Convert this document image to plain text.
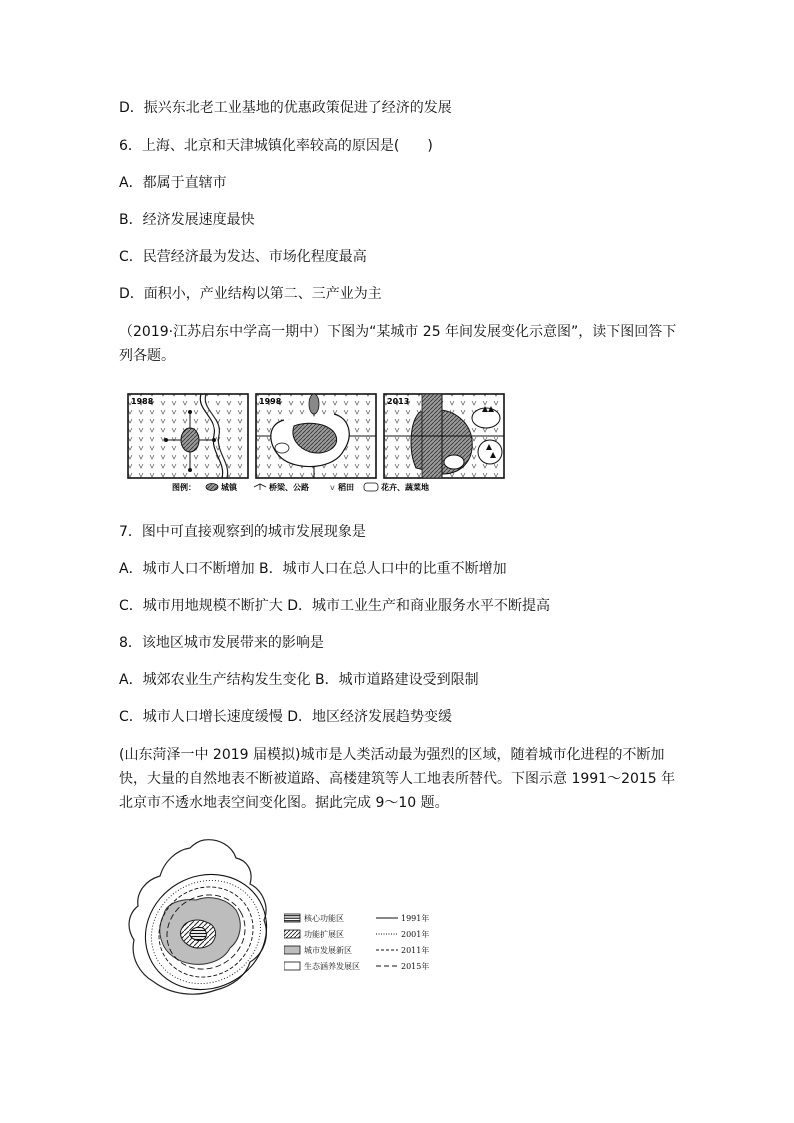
D．振兴东北老工业基地的优惠政策促进了经济的发展
6．上海、北京和天津城镇化率较高的原因是(　　)
A．都属于直辖市
B．经济发展速度最快
C．民营经济最为发达、市场化程度最高
D．面积小，产业结构以第二、三产业为主
（2019·江苏启东中学高一期中）下图为“某城市 25 年间发展变化示意图”，读下图回答下列各题。
1988	1998	2013
图例：	城镇	桥梁、公路	v 稻田	花卉、蔬菜地
7．图中可直接观察到的城市发展现象是
A．城市人口不断增加 B．城市人口在总人口中的比重不断增加
C．城市用地规模不断扩大 D．城市工业生产和商业服务水平不断提高
8．该地区城市发展带来的影响是
A．城郊农业生产结构发生变化 B．城市道路建设受到限制
C．城市人口增长速度缓慢 D．地区经济发展趋势变缓
(山东菏泽一中 2019 届模拟)城市是人类活动最为强烈的区域，随着城市化进程的不断加快，大量的自然地表不断被道路、高楼建筑等人工地表所替代。下图示意 1991～2015 年北京市不透水地表空间变化图。据此完成 9～10 题。
核心功能区
功能扩展区
城市发展新区
生态涵养发展区
1991年
2001年
2011年
2015年
